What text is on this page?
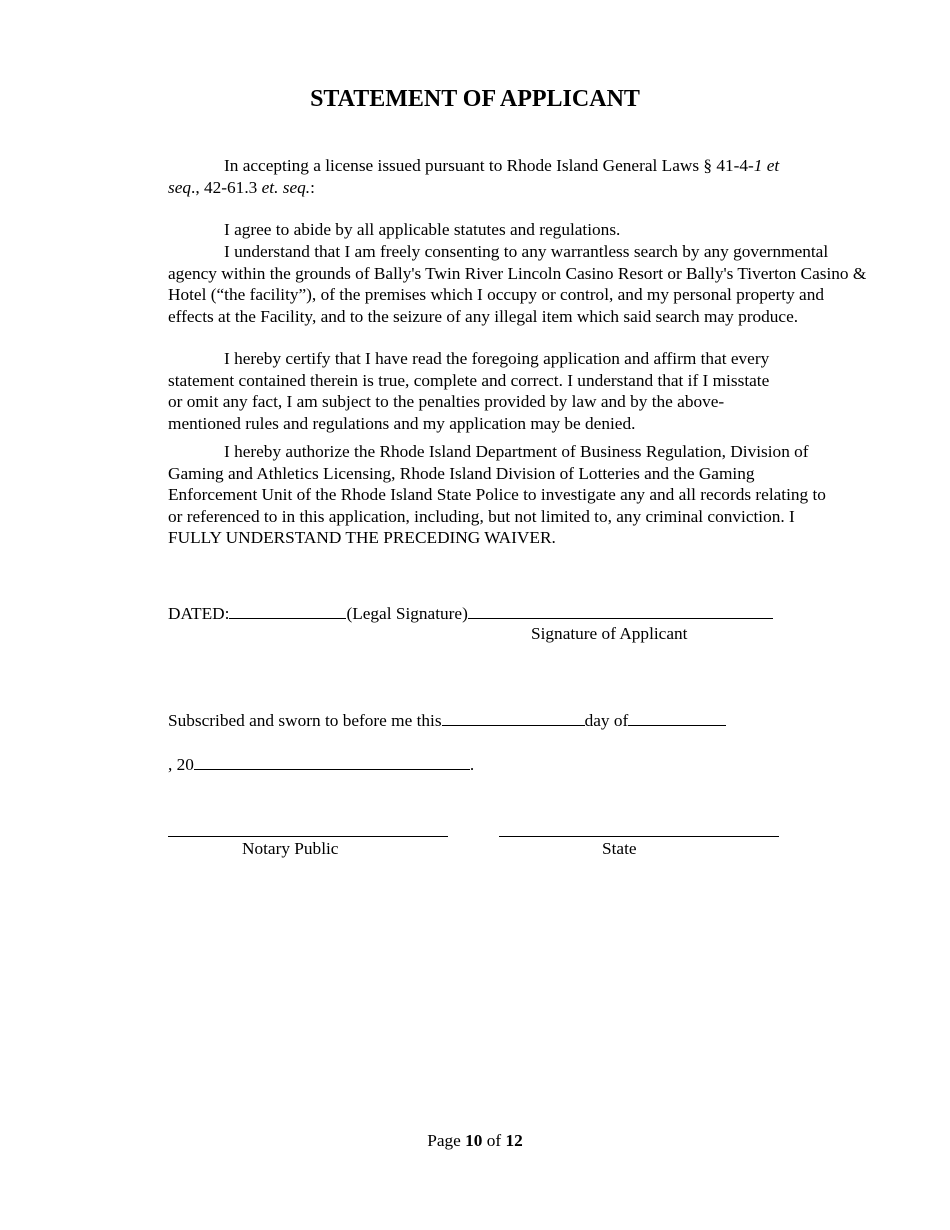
STATEMENT OF APPLICANT

In accepting a license issued pursuant to Rhode Island General Laws § 41-4-1 et seq., 42-61.3 et. seq.:

I agree to abide by all applicable statutes and regulations.

I understand that I am freely consenting to any warrantless search by any governmental agency within the grounds of Bally's Twin River Lincoln Casino Resort or Bally's Tiverton Casino & Hotel (“the facility”), of the premises which I occupy or control, and my personal property and effects at the Facility, and to the seizure of any illegal item which said search may produce.

I hereby certify that I have read the foregoing application and affirm that every statement contained therein is true, complete and correct. I understand that if I misstate or omit any fact, I am subject to the penalties provided by law and by the above-mentioned rules and regulations and my application may be denied.

I hereby authorize the Rhode Island Department of Business Regulation, Division of Gaming and Athletics Licensing, Rhode Island Division of Lotteries and the Gaming Enforcement Unit of the Rhode Island State Police to investigate any and all records relating to or referenced to in this application, including, but not limited to, any criminal conviction. I FULLY UNDERSTAND THE PRECEDING WAIVER.

DATED:	(Legal Signature)
Signature of Applicant
Subscribed and sworn to before me this	day of
, 20	.
Notary Public	State
Page 10 of 12
